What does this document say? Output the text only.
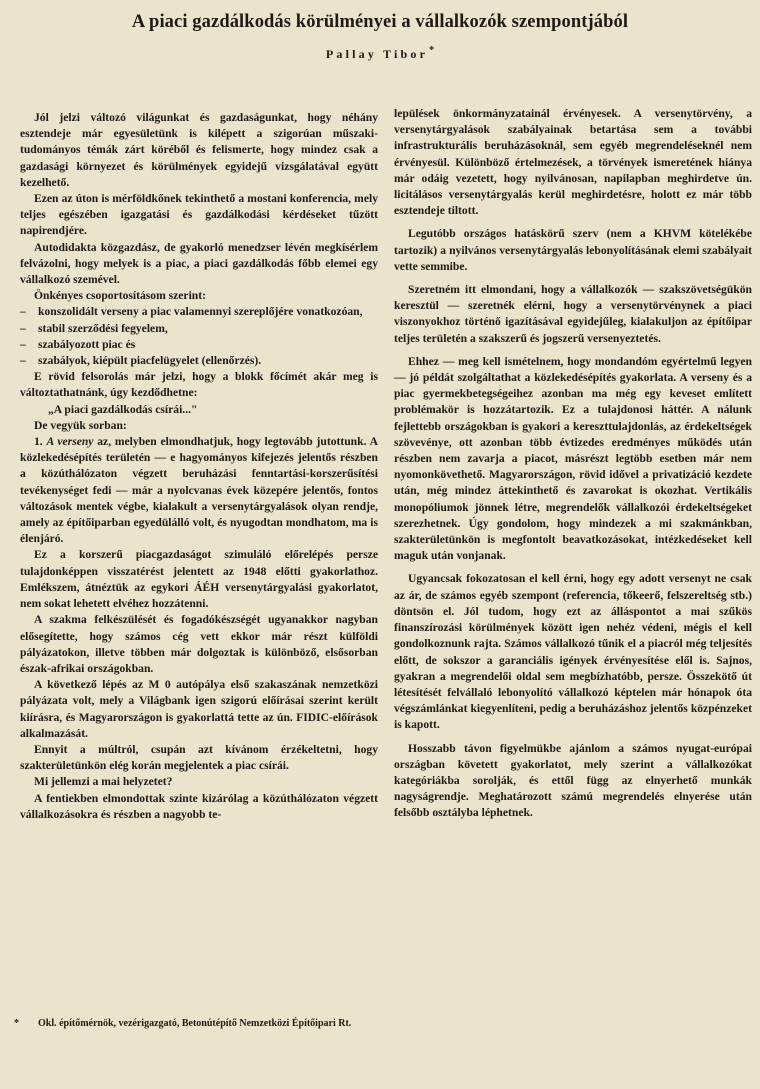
A piaci gazdálkodás körülményei a vállalkozók szempontjából
Pallay Tibor*

Jól jelzi változó világunkat és gazdaságunkat, hogy néhány esztendeje már egyesületünk is kilépett a szigorúan műszaki-tudományos témák zárt köréből és felismerte, hogy mindez csak a gazdasági környezet és körülmények egyidejű vizsgálatával együtt kezelhető.

Ezen az úton is mérföldkőnek tekinthető a mostani konferencia, mely teljes egészében igazgatási és gazdálkodási kérdéseket tűzött napirendjére.

Autodidakta közgazdász, de gyakorló menedzser lévén megkísérlem felvázolni, hogy melyek is a piac, a piaci gazdálkodás főbb elemei egy vállalkozó szemével.

Önkényes csoportosításom szerint:

– konszolidált verseny a piac valamennyi szereplőjére vonatkozóan,
– stabil szerződési fegyelem,
– szabályozott piac és
– szabályok, kiépült piacfelügyelet (ellenőrzés).

E rövid felsorolás már jelzi, hogy a blokk főcímét akár meg is változtathatnánk, úgy kezdődhetne:

„A piaci gazdálkodás csírái..."

De vegyük sorban:

1. A verseny az, melyben elmondhatjuk, hogy legtovább jutottunk. A közlekedésépítés területén — e hagyományos kifejezés jelentős részben a közúthálózaton végzett beruházási fenntartási-korszerűsítési tevékenységet fedi — már a nyolcvanas évek közepére jelentős, fontos változások mentek végbe, kialakult a versenytárgyalások olyan rendje, amely az építőiparban egyedülálló volt, és nyugodtan mondhatom, ma is élenjáró.

Ez a korszerű piacgazdaságot szimuláló előrelépés persze tulajdonképpen visszatérést jelentett az 1948 előtti gyakorlathoz. Emlékszem, átnéztük az egykori ÁÉH versenytárgyalási gyakorlatot, nem sokat lehetett elvéhez hozzátenni.

A szakma felkészülését és fogadókészségét ugyanakkor nagyban elősegítette, hogy számos cég vett ekkor már részt külföldi pályázatokon, illetve többen már dolgoztak is különböző, elsősorban észak-afrikai országokban.

A következő lépés az M 0 autópálya első szakaszának nemzetközi pályázata volt, mely a Világbank igen szigorú előírásai szerint került kiírásra, és Magyarországon is gyakorlattá tette az ún. FIDIC-előírások alkalmazását.

Ennyit a múltról, csupán azt kívánom érzékeltetni, hogy szakterületünkön elég korán megjelentek a piac csírái.

Mi jellemzi a mai helyzetet?

A fentiekben elmondottak szinte kizárólag a közúthálózaton végzett vállalkozásokra és részben a nagyobb te-

lepülések önkormányzatainál érvényesek. A versenytörvény, a versenytárgyalások szabályainak betartása sem a további infrastrukturális beruházásoknál, sem egyéb megrendeléseknél nem érvényesül. Különböző értelmezések, a törvények ismeretének hiánya már odáig vezetett, hogy nyilvánosan, napilapban meghirdetve ún. licitálásos versenytárgyalás kerül meghirdetésre, holott ez már több esztendeje tiltott.

Legutóbb országos hatáskörű szerv (nem a KHVM kötelékébe tartozik) a nyilvános versenytárgyalás lebonyolításának elemi szabályait vette semmibe.

Szeretném itt elmondani, hogy a vállalkozók — szakszövetségükön keresztül — szeretnék elérni, hogy a versenytörvénynek a piaci viszonyokhoz történő igazításával egyidejűleg, kialakuljon az építőipar teljes területén a szakszerű és jogszerű versenyeztetés.

Ehhez — meg kell ismételnem, hogy mondandóm egyértelmű legyen — jó példát szolgáltathat a közlekedésépítés gyakorlata. A verseny és a piac gyermekbetegségeihez azonban ma még egy keveset említett problémakör is hozzátartozik. Ez a tulajdonosi háttér. A nálunk fejlettebb országokban is gyakori a kereszttulajdonlás, az érdekeltségek szövevénye, ott azonban több évtizedes eredményes működés után részben nem zavarja a piacot, másrészt legtöbb esetben már nem nyomonkövethető. Magyarországon, rövid idővel a privatizáció kezdete után, még mindez áttekinthető és zavarokat is okozhat. Vertikális monopóliumok jönnek létre, megrendelők vállalkozói érdekeltségeket szerezhetnek. Úgy gondolom, hogy mindezek a mi szakmánkban, szakterületünkön is megfontolt beavatkozásokat, intézkedéseket kell maguk után vonjanak.

Ugyancsak fokozatosan el kell érni, hogy egy adott versenyt ne csak az ár, de számos egyéb szempont (referencia, tőkeerő, felszereltség stb.) döntsön el. Jól tudom, hogy ezt az álláspontot a mai szűkös finanszírozási körülmények között igen nehéz védeni, mégis el kell gondolkoznunk rajta. Számos vállalkozó tűnik el a piacról még teljesítés előtt, de sokszor a garanciális igények érvényesítése elől is. Sajnos, gyakran a megrendelői oldal sem megbízhatóbb, persze. Összekötő út létesítését felvállaló lebonyolító vállalkozó képtelen már hónapok óta végszámlánkat kiegyenlíteni, pedig a beruházáshoz jelentős közpénzeket is kapott.

Hosszabb távon figyelmükbe ajánlom a számos nyugat-európai országban követett gyakorlatot, mely szerint a vállalkozókat kategóriákba sorolják, és ettől függ az elnyerhető munkák nagyságrendje. Meghatározott számú megrendelés elnyerése után felsőbb osztályba léphetnek.

* Okl. építőmérnök, vezérigazgató, Betonútépítő Nemzetközi Építőipari Rt.
